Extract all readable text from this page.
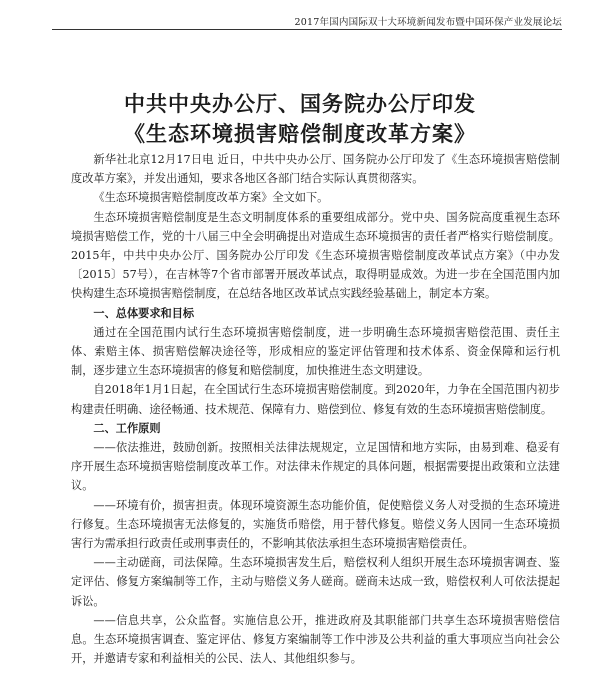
2017年国内国际双十大环境新闻发布暨中国环保产业发展论坛
中共中央办公厅、国务院办公厅印发
《生态环境损害赔偿制度改革方案》

新华社北京12月17日电 近日，中共中央办公厅、国务院办公厅印发了《生态环境损害赔偿制度改革方案》，并发出通知，要求各地区各部门结合实际认真贯彻落实。

《生态环境损害赔偿制度改革方案》全文如下。

生态环境损害赔偿制度是生态文明制度体系的重要组成部分。党中央、国务院高度重视生态环境损害赔偿工作，党的十八届三中全会明确提出对造成生态环境损害的责任者严格实行赔偿制度。2015年，中共中央办公厅、国务院办公厅印发《生态环境损害赔偿制度改革试点方案》（中办发〔2015〕57号），在吉林等7个省市部署开展改革试点，取得明显成效。为进一步在全国范围内加快构建生态环境损害赔偿制度，在总结各地区改革试点实践经验基础上，制定本方案。

一、总体要求和目标

通过在全国范围内试行生态环境损害赔偿制度，进一步明确生态环境损害赔偿范围、责任主体、索赔主体、损害赔偿解决途径等，形成相应的鉴定评估管理和技术体系、资金保障和运行机制，逐步建立生态环境损害的修复和赔偿制度，加快推进生态文明建设。

自2018年1月1日起，在全国试行生态环境损害赔偿制度。到2020年，力争在全国范围内初步构建责任明确、途径畅通、技术规范、保障有力、赔偿到位、修复有效的生态环境损害赔偿制度。

二、工作原则

——依法推进，鼓励创新。按照相关法律法规规定，立足国情和地方实际，由易到难、稳妥有序开展生态环境损害赔偿制度改革工作。对法律未作规定的具体问题，根据需要提出政策和立法建议。

——环境有价，损害担责。体现环境资源生态功能价值，促使赔偿义务人对受损的生态环境进行修复。生态环境损害无法修复的，实施货币赔偿，用于替代修复。赔偿义务人因同一生态环境损害行为需承担行政责任或刑事责任的，不影响其依法承担生态环境损害赔偿责任。

——主动磋商，司法保障。生态环境损害发生后，赔偿权利人组织开展生态环境损害调查、鉴定评估、修复方案编制等工作，主动与赔偿义务人磋商。磋商未达成一致，赔偿权利人可依法提起诉讼。

——信息共享，公众监督。实施信息公开，推进政府及其职能部门共享生态环境损害赔偿信息。生态环境损害调查、鉴定评估、修复方案编制等工作中涉及公共利益的重大事项应当向社会公开，并邀请专家和利益相关的公民、法人、其他组织参与。
